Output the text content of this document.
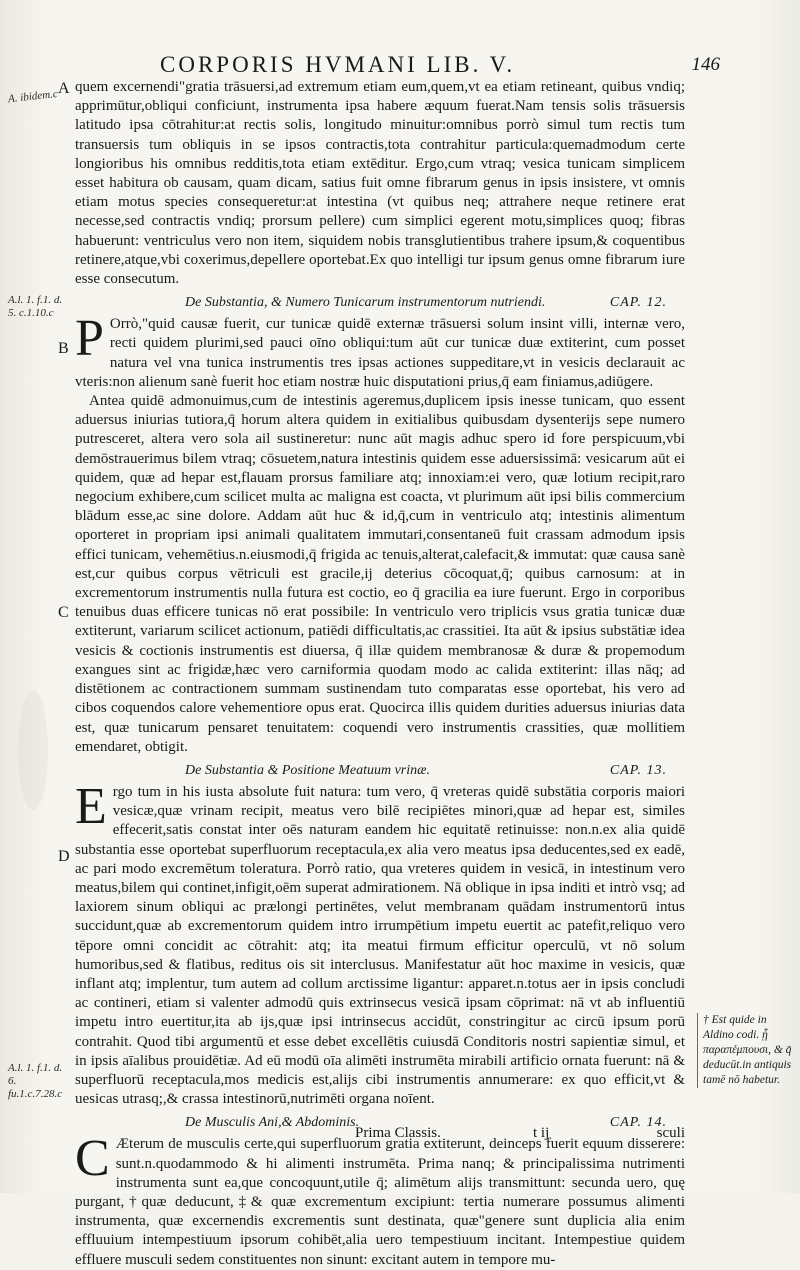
CORPORIS HVMANI LIB. V.	146
A. ibidem.c
A.l. 1. f.1. d. 5. c.1.10.c
A.l. 1. f.1. d. 6. fu.1.c.7.28.c
A
B
C
D

quem excernendi"gratia trāsuersi,ad extremum etiam eum,quem,vt ea etiam retineant, quibus vndiq; apprimūtur,obliqui conficiunt, instrumenta ipsa habere æquum fuerat.Nam tensis solis trāsuersis latitudo ipsa cōtrahitur:at rectis solis, longitudo minuitur:omnibus porrò simul tum rectis tum transuersis tum obliquis in se ipsos contractis,tota contrahitur particula:quemadmodum certe longioribus his omnibus redditis,tota etiam extēditur. Ergo,cum vtraq; vesica tunicam simplicem esset habitura ob causam, quam dicam, satius fuit omne fibrarum genus in ipsis insistere, vt omnis etiam motus species consequeretur:at intestina (vt quibus neq; attrahere neque retinere erat necesse,sed contractis vndiq; prorsum pellere) cum simplici egerent motu,simplices quoq; fibras habuerunt: ventriculus vero non item, siquidem nobis transglutientibus trahere ipsum,& coquentibus retinere,atque,vbi coxerimus,depellere oportebat.Ex quo intelligi tur ipsum genus omne fibrarum iure esse consecutum.

De Substantia, & Numero Tunicarum instrumentorum nutriendi.	CAP. 12.

P Orrò,"quid causæ fuerit, cur tunicæ quidē externæ trāsuersi solum insint villi, internæ vero, recti quidem plurimi,sed pauci oīno obliqui:tum aūt cur tunicæ duæ extiterint, cum posset natura vel vna tunica instrumentis tres ipsas actiones suppeditare,vt in vesicis declarauit ac vteris:non alienum sanè fuerit hoc etiam nostræ huic disputationi prius,q̄ eam finiamus,adiūgere.

Antea quidē admonuimus,cum de intestinis ageremus,duplicem ipsis inesse tunicam, quo essent aduersus iniurias tutiora,q̄ horum altera quidem in exitialibus quibusdam dysenterijs sepe numero putresceret, altera vero sola ail sustineretur: nunc aūt magis adhuc spero id fore perspicuum,vbi demōstrauerimus bilem vtraq; cōsuetem,natura intestinis quidem esse aduersissimā: vesicarum aūt ei quidem, quæ ad hepar est,flauam prorsus familiare atq; innoxiam:ei vero, quæ lotium recipit,raro negocium exhibere,cum scilicet multa ac maligna est coacta, vt plurimum aūt ipsi bilis commercium blādum esse,ac sine dolore. Addam aūt huc & id,q̄,cum in ventriculo atq; intestinis alimentum oporteret in propriam ipsi animali qualitatem immutari,consentaneū fuit crassam admodum ipsis effici tunicam, vehemētius.n.eiusmodi,q̄ frigida ac tenuis,alterat,calefacit,& immutat: quæ causa sanè est,cur quibus corpus vētriculi est gracile,ij deterius cōcoquat,q̄; quibus carnosum: at in excrementorum instrumentis nulla futura est coctio, eo q̄ gracilia ea iure fuerunt. Ergo in corporibus tenuibus duas efficere tunicas nō erat possibile: In ventriculo vero triplicis vsus gratia tunicæ duæ extiterunt, variarum scilicet actionum, patiēdi difficultatis,ac crassitiei. Ita aūt & ipsius substātiæ idea vesicis & coctionis instrumentis est diuersa, q̄ illæ quidem membranosæ & duræ & propemodum exangues sint ac frigidæ,hæc vero carniformia quodam modo ac calida extiterint: illas nāq; ad distētionem ac contractionem summam sustinendam tuto comparatas esse oportebat, his vero ad cibos coquendos calore vehementiore opus erat. Quocirca illis quidem durities aduersus iniurias data est, quæ tunicarum pensaret tenuitatem: coquendi vero instrumentis crassities, quæ mollitiem emendaret, obtigit.

De Substantia & Positione Meatuum vrinæ.	CAP. 13.

Ergo tum in his iusta absolute fuit natura: tum vero, q̄ vreteras quidē substātia corporis maiori vesicæ,quæ vrinam recipit, meatus vero bilē recipiētes minori,quæ ad hepar est, similes effecerit,satis constat inter oēs naturam eandem hic equitatē retinuisse: non.n.ex alia quidē substantia esse oportebat superfluorum receptacula,ex alia vero meatus ipsa deducentes,sed ex eadē, ac pari modo excremētum toleratura. Porrò ratio, qua vreteres quidem in vesicā, in intestinum vero meatus,bilem qui continet,infigit,oēm superat admirationem. Nā oblique in ipsa inditi et intrò vsq; ad laxiorem sinum obliqui ac prælongi pertinētes, velut membranam quādam instrumentorū intus succidunt,quæ ab excrementorum quidem intro irrumpētium impetu euertit ac patefit,reliquo vero tēpore omni concidit ac cōtrahit: atq; ita meatui firmum efficitur operculū, vt nō solum humoribus,sed & flatibus, reditus ois sit interclusus. Manifestatur aūt hoc maxime in vesicis, quæ inflant atq; implentur, tum autem ad collum arctissime ligantur: apparet.n.totus aer in ipsis concludi ac contineri, etiam si valenter admodū quis extrinsecus vesicā ipsam cōprimat: nā vt ab influentiū impetu intro euertitur,ita ab ijs,quæ ipsi intrinsecus accidūt, constringitur ac circū ipsum porū contrahit. Quod tibi argumentū et esse debet excellētis cuiusdā Conditoris nostri sapientiæ simul, et in ipsis aīalibus prouidētiæ. Ad eū modū oīa alimēti instrumēta mirabili artificio ornata fuerunt: nā & superfluorū receptacula,mos medicis est,alijs cibi instrumentis annumerare: ex quo efficit,vt & uesicas utrasq;,& crassa intestinorū,nutrimēti organa noīent.

De Musculis Ani,& Abdominis.	CAP. 14.

C Æterum de musculis certe,qui superfluorum gratia extiterunt, deinceps fuerit equum disserere: sunt.n.quodammodo & hi alimenti instrumēta. Prima nanq; & principalissima nutrimenti instrumenta sunt ea,que concoquunt,utile q̄; alimētum alijs transmittunt: secunda uero, quę purgant,†quæ deducunt,‡& quæ excrementum excipiunt: tertia numerare possumus alimenti instrumenta, quæ excernendis excrementis sunt destinata, quæ"genere sunt duplicia alia enim effluuium intempestiuum ipsorum cohibēt,alia uero tempestiuum incitant. Intempestiue quidem effluere musculi sedem constituentes non sinunt: excitant autem in tempore mu-

† Est quide in Aldino codi. ᾗ παραπέμπουσι, & q̄ deducūt.in antiquis tamē nō habetur.
Prima Classis.	t ij	sculi
